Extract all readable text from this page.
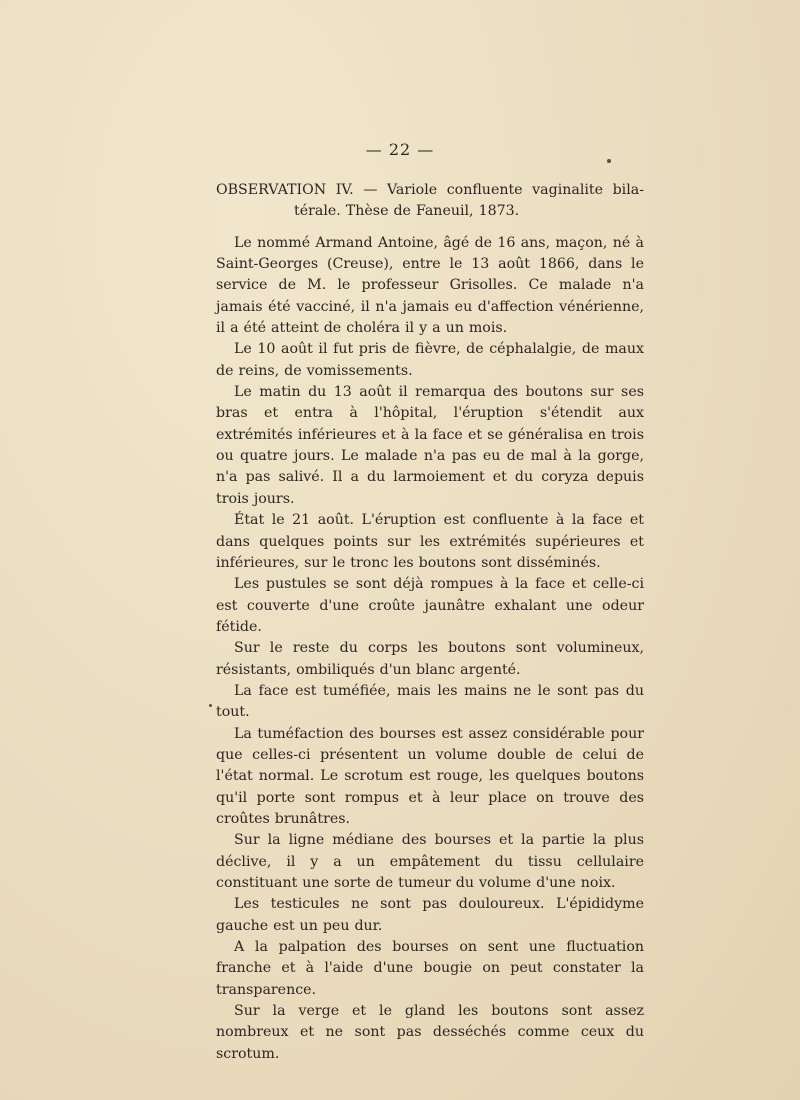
— 22 —

OBSERVATION IV. — Variole confluente vaginalite bila-

térale. Thèse de Faneuil, 1873.

Le nommé Armand Antoine, âgé de 16 ans, maçon, né à Saint-Georges (Creuse), entre le 13 août 1866, dans le service de M. le professeur Grisolles. Ce malade n'a jamais été vacciné, il n'a jamais eu d'affection vénérienne, il a été atteint de choléra il y a un mois.

Le 10 août il fut pris de fièvre, de céphalalgie, de maux de reins, de vomissements.

Le matin du 13 août il remarqua des boutons sur ses bras et entra à l'hôpital, l'éruption s'étendit aux extrémités inférieures et à la face et se généralisa en trois ou quatre jours. Le malade n'a pas eu de mal à la gorge, n'a pas salivé. Il a du larmoiement et du coryza depuis trois jours.

État le 21 août. L'éruption est confluente à la face et dans quelques points sur les extrémités supérieures et inférieures, sur le tronc les boutons sont disséminés.

Les pustules se sont déjà rompues à la face et celle-ci est couverte d'une croûte jaunâtre exhalant une odeur fétide.

Sur le reste du corps les boutons sont volumineux, résistants, ombiliqués d'un blanc argenté.

La face est tuméfiée, mais les mains ne le sont pas du tout.

La tuméfaction des bourses est assez considérable pour que celles-ci présentent un volume double de celui de l'état normal. Le scrotum est rouge, les quelques boutons qu'il porte sont rompus et à leur place on trouve des croûtes brunâtres.

Sur la ligne médiane des bourses et la partie la plus déclive, il y a un empâtement du tissu cellulaire constituant une sorte de tumeur du volume d'une noix.

Les testicules ne sont pas douloureux. L'épididyme gauche est un peu dur.

A la palpation des bourses on sent une fluctuation franche et à l'aide d'une bougie on peut constater la transparence.

Sur la verge et le gland les boutons sont assez nombreux et ne sont pas desséchés comme ceux du scrotum.
